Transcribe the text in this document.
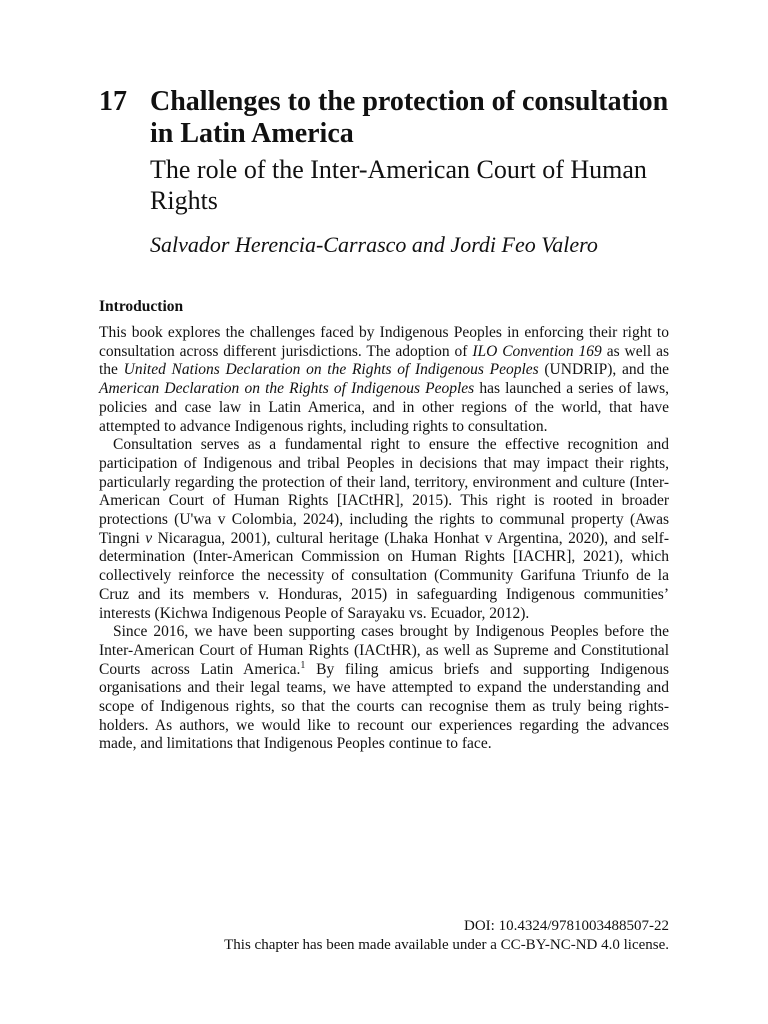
17 Challenges to the protection of consultation in Latin America
The role of the Inter-American Court of Human Rights
Salvador Herencia-Carrasco and Jordi Feo Valero
Introduction

This book explores the challenges faced by Indigenous Peoples in enforcing their right to consultation across different jurisdictions. The adoption of ILO Convention 169 as well as the United Nations Declaration on the Rights of Indigenous Peoples (UNDRIP), and the American Declaration on the Rights of Indigenous Peoples has launched a series of laws, policies and case law in Latin America, and in other regions of the world, that have attempted to advance Indigenous rights, including rights to consultation.

Consultation serves as a fundamental right to ensure the effective recognition and participation of Indigenous and tribal Peoples in decisions that may impact their rights, particularly regarding the protection of their land, territory, environment and culture (Inter-American Court of Human Rights [IACtHR], 2015). This right is rooted in broader protections (U'wa v Colombia, 2024), including the rights to communal property (Awas Tingni v Nicaragua, 2001), cultural heritage (Lhaka Honhat v Argentina, 2020), and self-determination (Inter-American Commission on Human Rights [IACHR], 2021), which collectively reinforce the necessity of consultation (Community Garifuna Triunfo de la Cruz and its members v. Honduras, 2015) in safeguarding Indigenous communities’ interests (Kichwa Indigenous People of Sarayaku vs. Ecuador, 2012).

Since 2016, we have been supporting cases brought by Indigenous Peoples before the Inter-American Court of Human Rights (IACtHR), as well as Supreme and Constitutional Courts across Latin America.$^1$ By filing amicus briefs and supporting Indigenous organisations and their legal teams, we have attempted to expand the understanding and scope of Indigenous rights, so that the courts can recognise them as truly being rights-holders. As authors, we would like to recount our experiences regarding the advances made, and limitations that Indigenous Peoples continue to face.

DOI: 10.4324/9781003488507-22
This chapter has been made available under a CC-BY-NC-ND 4.0 license.
